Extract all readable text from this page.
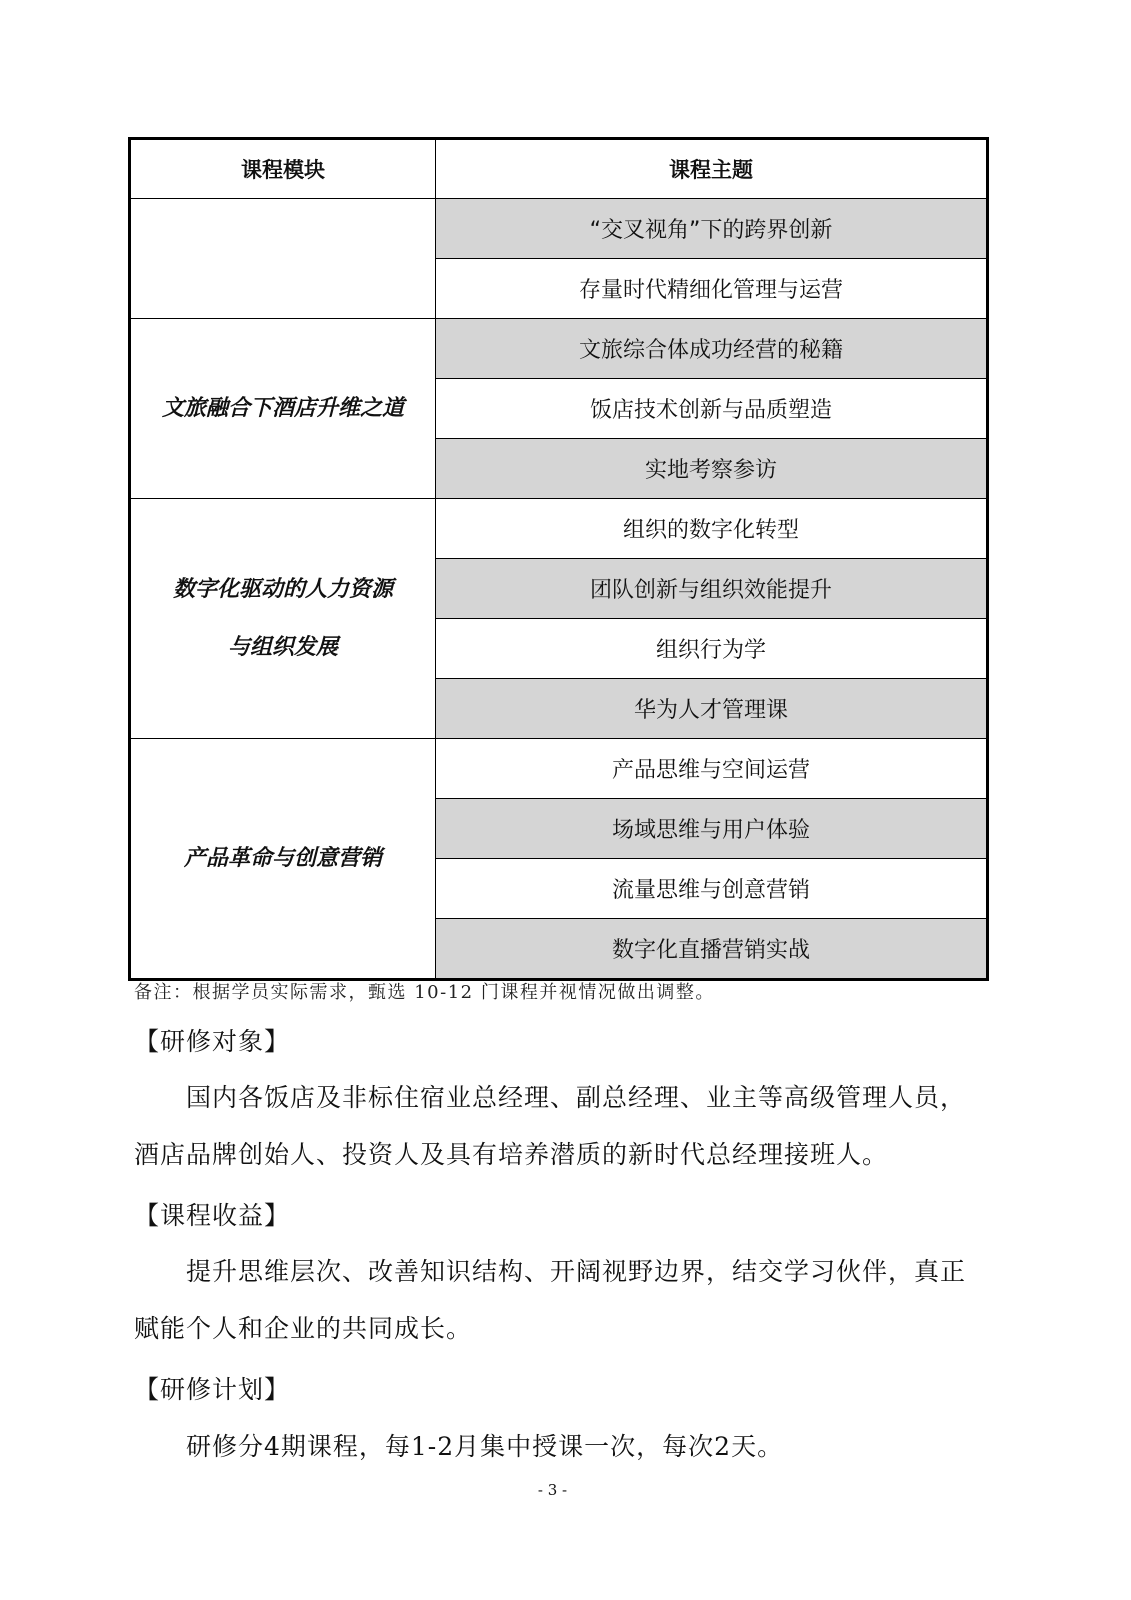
课程模块	课程主题
	“交叉视角”下的跨界创新
	存量时代精细化管理与运营

文旅融合下酒店升维之道	文旅综合体成功经营的秘籍
	饭店技术创新与品质塑造
	实地考察参访

数字化驱动的人力资源
与组织发展	组织的数字化转型
	团队创新与组织效能提升
	组织行为学
	华为人才管理课

产品革命与创意营销	产品思维与空间运营
	场域思维与用户体验
	流量思维与创意营销
	数字化直播营销实战
备注：根据学员实际需求，甄选 10-12 门课程并视情况做出调整。
【研修对象】
国内各饭店及非标住宿业总经理、副总经理、业主等高级管理人员，酒店品牌创始人、投资人及具有培养潜质的新时代总经理接班人。
【课程收益】
提升思维层次、改善知识结构、开阔视野边界，结交学习伙伴，真正赋能个人和企业的共同成长。
【研修计划】
研修分4期课程，每1-2月集中授课一次，每次2天。
- 3 -
